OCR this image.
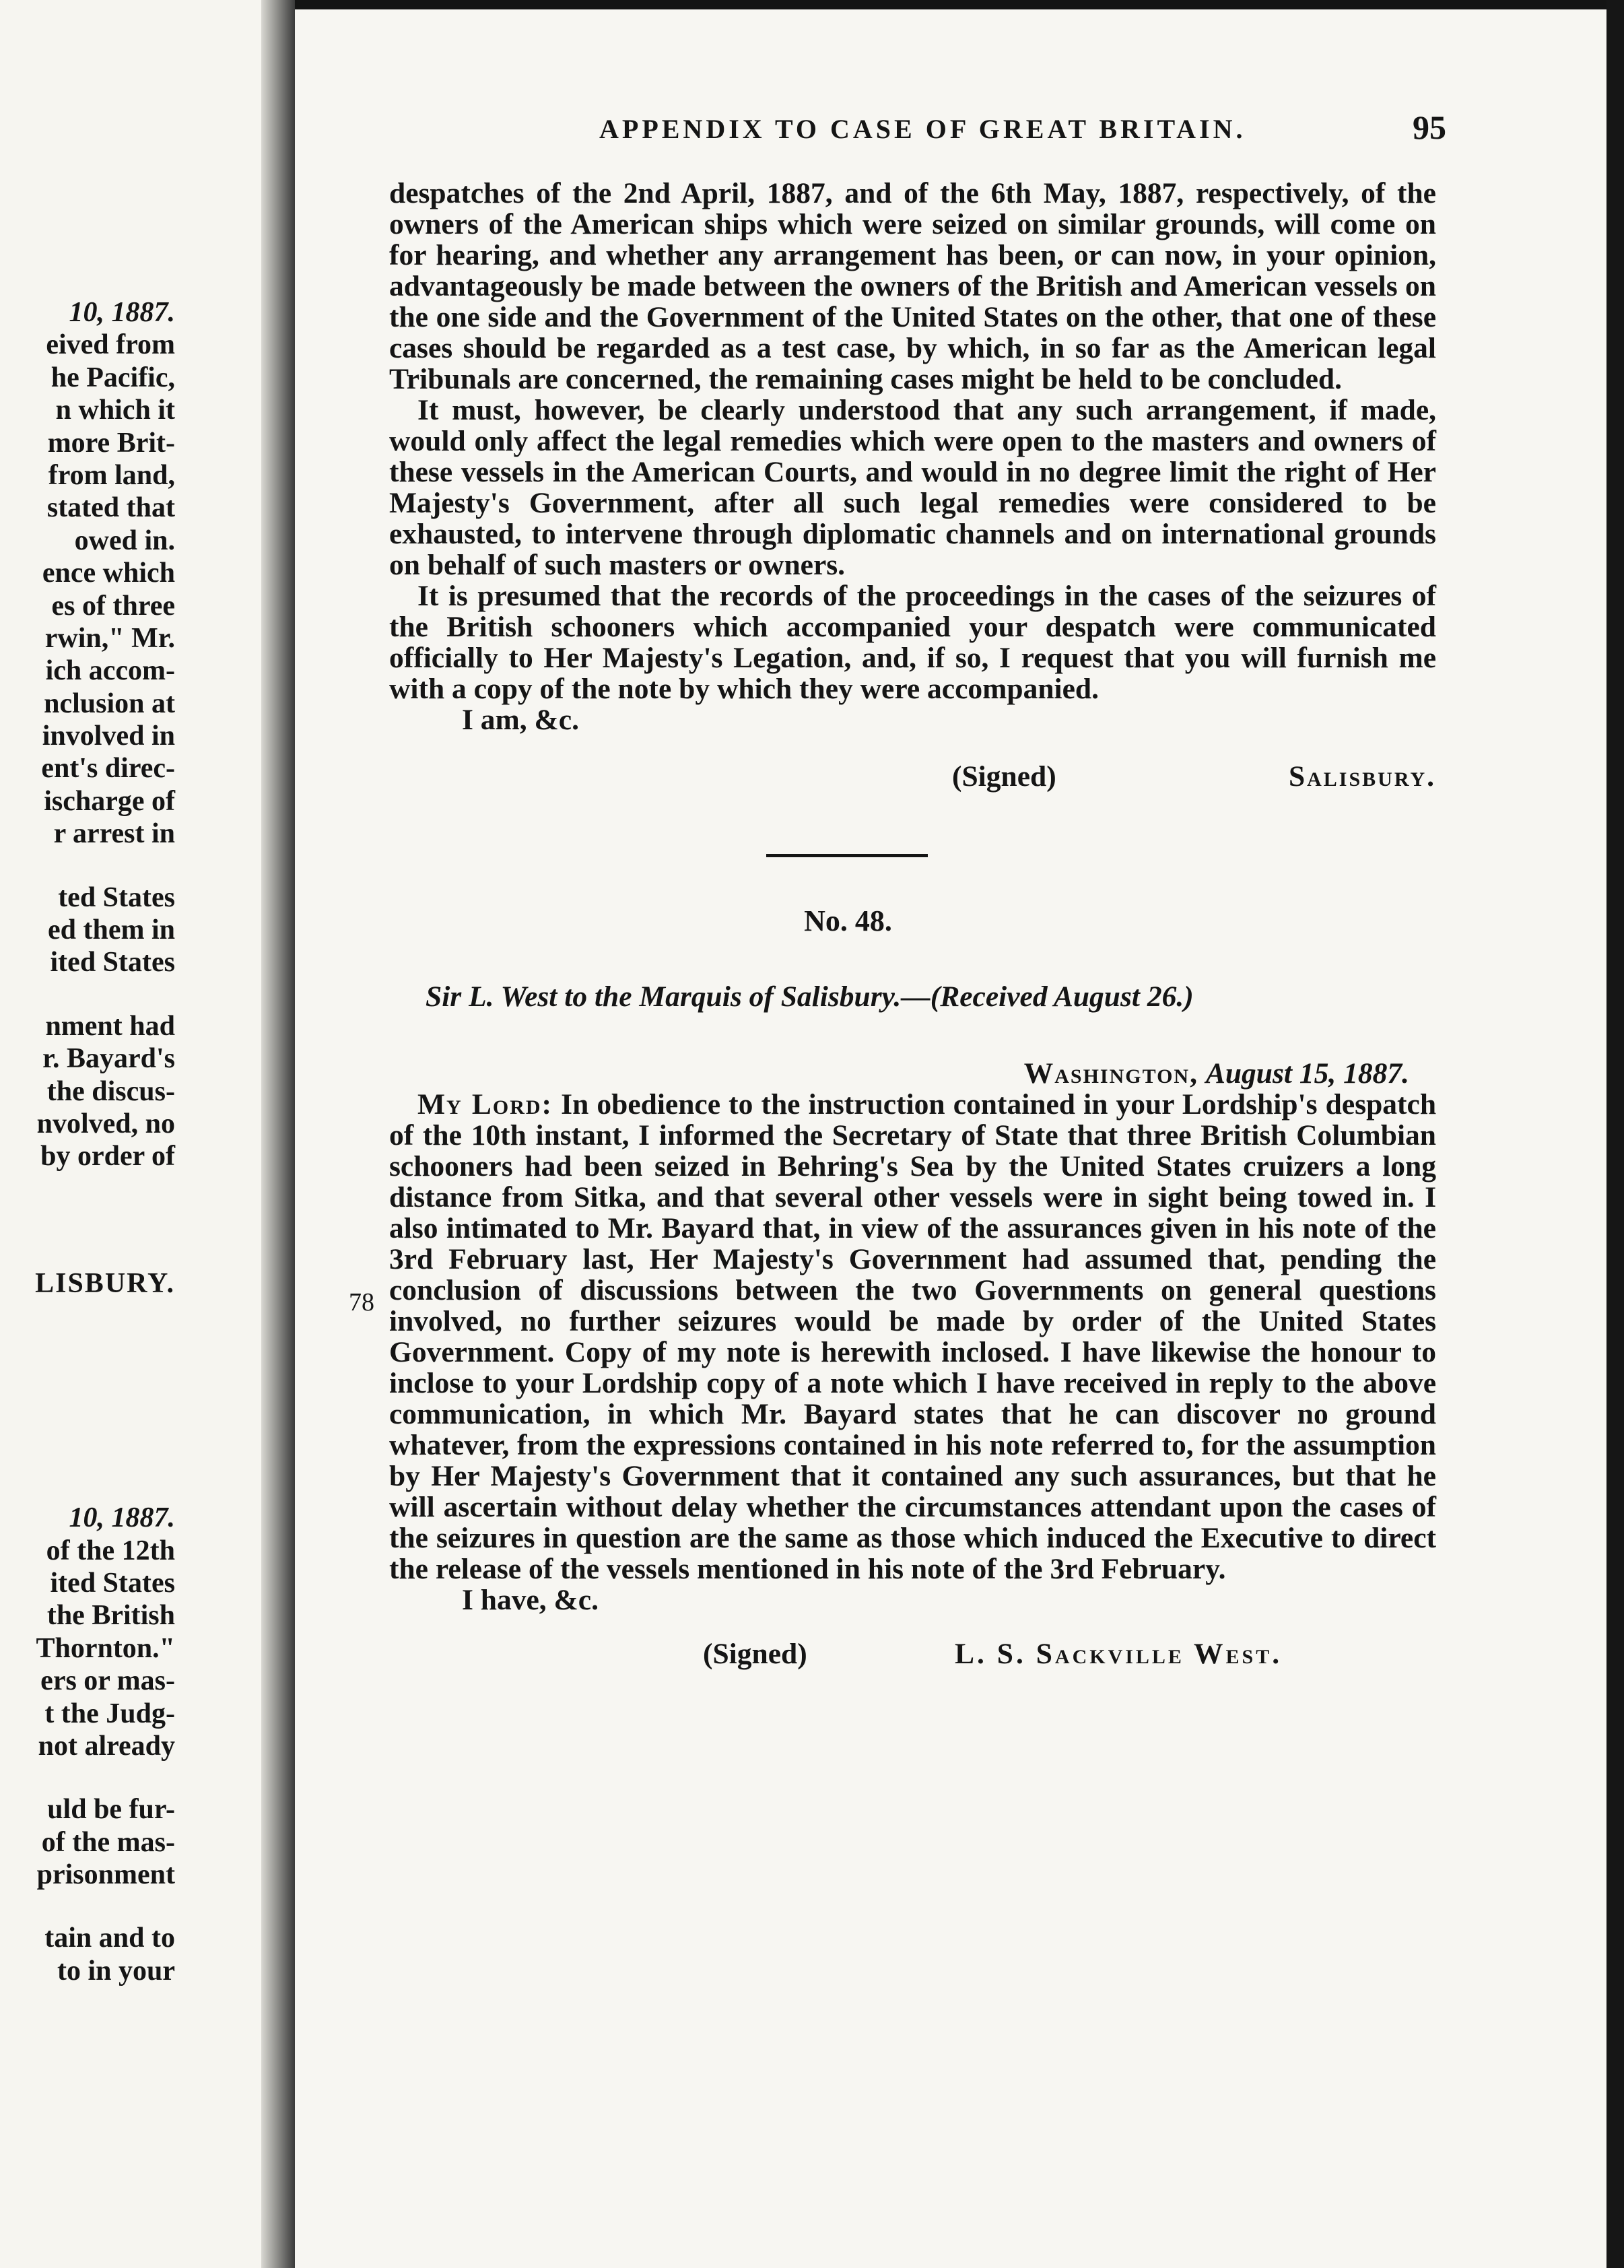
10, 1887.
eived from
he Pacific,
n which it
more Brit-
from land,
stated that
owed in.
ence which
es of three
rwin," Mr.
ich accom-
nclusion at
involved in
ent's direc-
ischarge of
r arrest in
ted States
ed them in
ited States
nment had
r. Bayard's
the discus-
nvolved, no
by order of
LISBURY.
10, 1887.
of the 12th
ited States
the British
Thornton."
ers or mas-
t the Judg-
not already
uld be fur-
of the mas-
prisonment
tain and to
to in your
APPENDIX TO CASE OF GREAT BRITAIN.	95
78

despatches of the 2nd April, 1887, and of the 6th May, 1887, respectively, of the owners of the American ships which were seized on similar grounds, will come on for hearing, and whether any arrangement has been, or can now, in your opinion, advantageously be made between the owners of the British and American vessels on the one side and the Government of the United States on the other, that one of these cases should be regarded as a test case, by which, in so far as the American legal Tribunals are concerned, the remaining cases might be held to be concluded.

It must, however, be clearly understood that any such arrangement, if made, would only affect the legal remedies which were open to the masters and owners of these vessels in the American Courts, and would in no degree limit the right of Her Majesty's Government, after all such legal remedies were considered to be exhausted, to intervene through diplomatic channels and on international grounds on behalf of such masters or owners.

It is presumed that the records of the proceedings in the cases of the seizures of the British schooners which accompanied your despatch were communicated officially to Her Majesty's Legation, and, if so, I request that you will furnish me with a copy of the note by which they were accompanied.

I am, &c.

(Signed)	Salisbury.
No. 48.
Sir L. West to the Marquis of Salisbury.—(Received August 26.)
Washington, August 15, 1887.

My Lord: In obedience to the instruction contained in your Lordship's despatch of the 10th instant, I informed the Secretary of State that three British Columbian schooners had been seized in Behring's Sea by the United States cruizers a long distance from Sitka, and that several other vessels were in sight being towed in. I also intimated to Mr. Bayard that, in view of the assurances given in his note of the 3rd February last, Her Majesty's Government had assumed that, pending the conclusion of discussions between the two Governments on general questions involved, no further seizures would be made by order of the United States Government. Copy of my note is herewith inclosed. I have likewise the honour to inclose to your Lordship copy of a note which I have received in reply to the above communication, in which Mr. Bayard states that he can discover no ground whatever, from the expressions contained in his note referred to, for the assumption by Her Majesty's Government that it contained any such assurances, but that he will ascertain without delay whether the circumstances attendant upon the cases of the seizures in question are the same as those which induced the Executive to direct the release of the vessels mentioned in his note of the 3rd February.

I have, &c.

(Signed)	L. S. Sackville West.
